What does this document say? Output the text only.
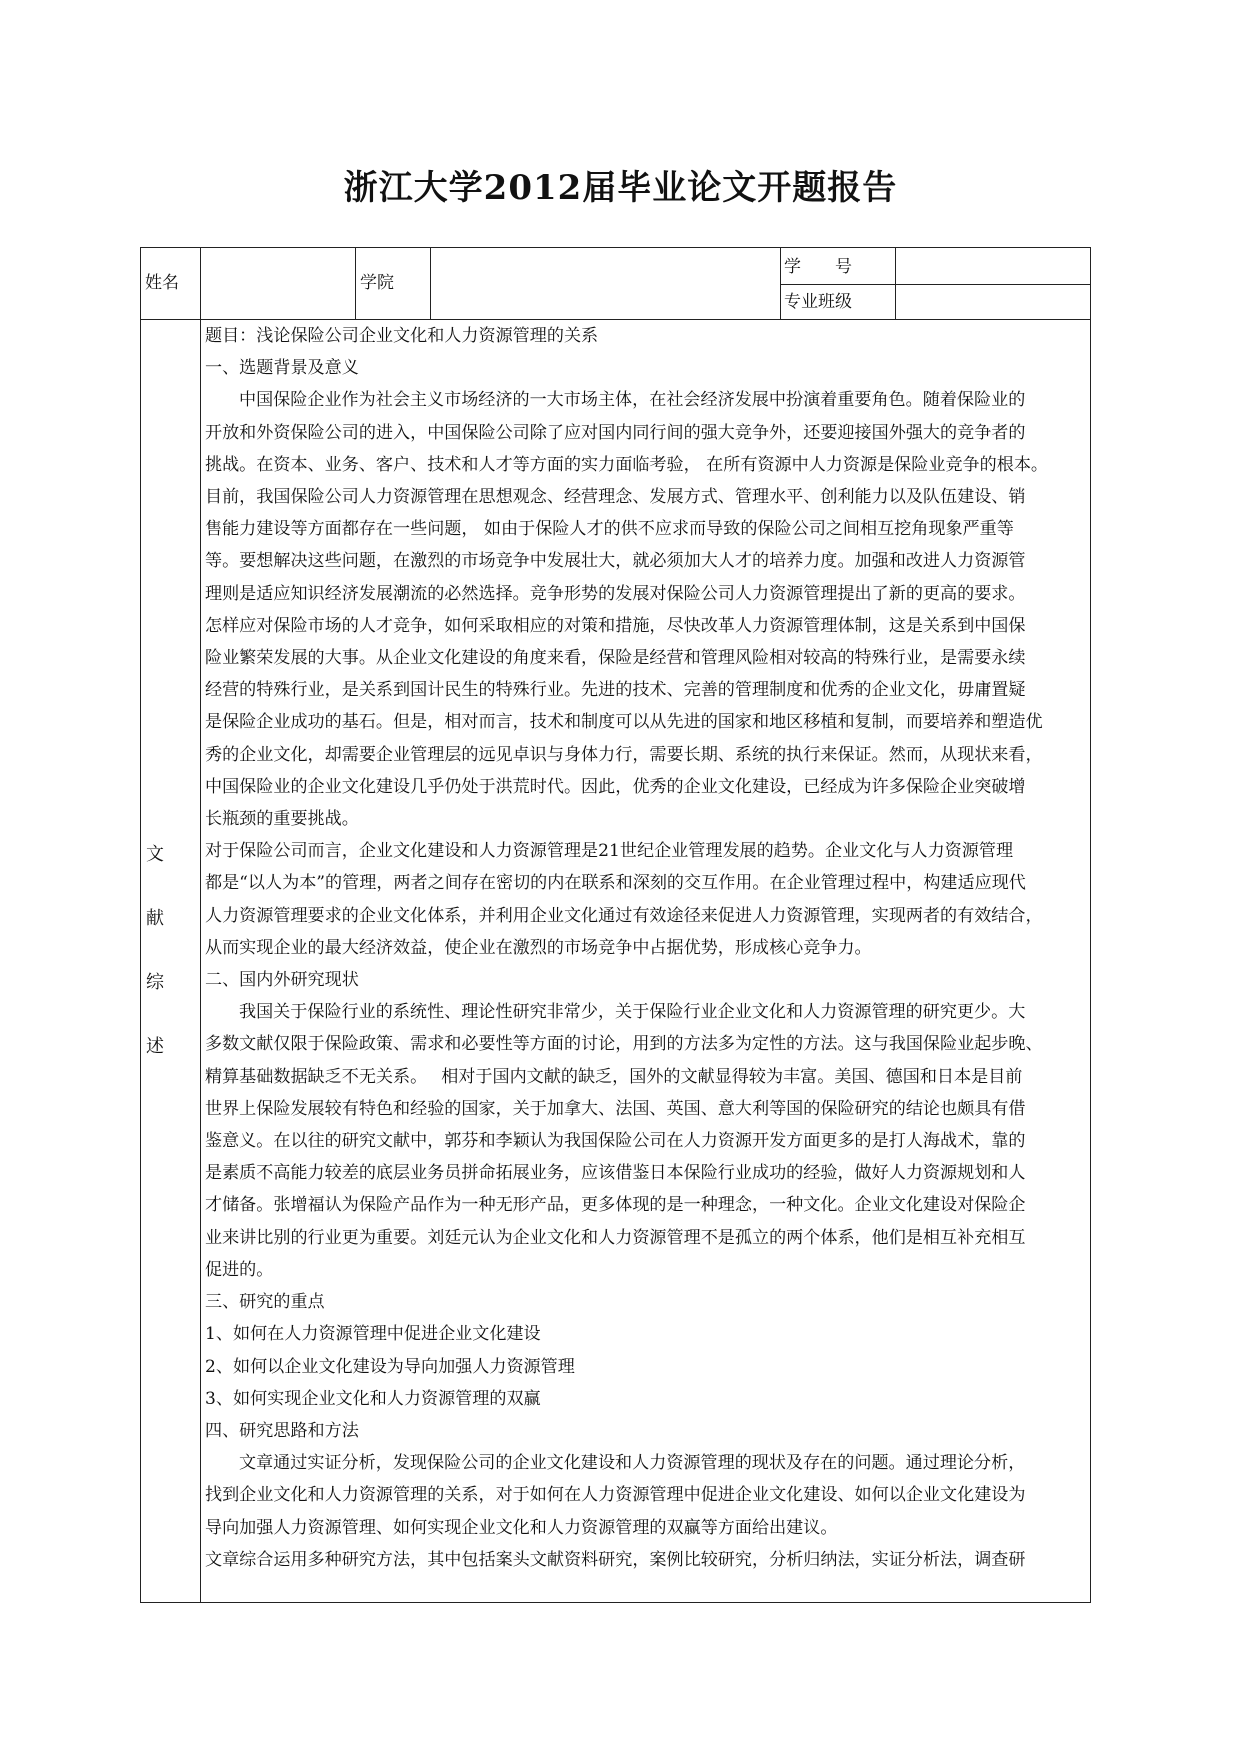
浙江大学2012届毕业论文开题报告
姓名	学院
学　　号
专业班级
文
献
综
述

题目：浅论保险公司企业文化和人力资源管理的关系

一、选题背景及意义

中国保险企业作为社会主义市场经济的一大市场主体，在社会经济发展中扮演着重要角色。随着保险业的

开放和外资保险公司的进入，中国保险公司除了应对国内同行间的强大竞争外，还要迎接国外强大的竞争者的

挑战。在资本、业务、客户、技术和人才等方面的实力面临考验， 在所有资源中人力资源是保险业竞争的根本。

目前，我国保险公司人力资源管理在思想观念、经营理念、发展方式、管理水平、创利能力以及队伍建设、销

售能力建设等方面都存在一些问题， 如由于保险人才的供不应求而导致的保险公司之间相互挖角现象严重等

等。要想解决这些问题，在激烈的市场竞争中发展壮大，就必须加大人才的培养力度。加强和改进人力资源管

理则是适应知识经济发展潮流的必然选择。竞争形势的发展对保险公司人力资源管理提出了新的更高的要求。

怎样应对保险市场的人才竞争，如何采取相应的对策和措施，尽快改革人力资源管理体制，这是关系到中国保

险业繁荣发展的大事。从企业文化建设的角度来看，保险是经营和管理风险相对较高的特殊行业，是需要永续

经营的特殊行业，是关系到国计民生的特殊行业。先进的技术、完善的管理制度和优秀的企业文化，毋庸置疑

是保险企业成功的基石。但是，相对而言，技术和制度可以从先进的国家和地区移植和复制，而要培养和塑造优

秀的企业文化，却需要企业管理层的远见卓识与身体力行，需要长期、系统的执行来保证。然而，从现状来看，

中国保险业的企业文化建设几乎仍处于洪荒时代。因此，优秀的企业文化建设，已经成为许多保险企业突破增

长瓶颈的重要挑战。

对于保险公司而言，企业文化建设和人力资源管理是21世纪企业管理发展的趋势。企业文化与人力资源管理

都是“以人为本”的管理，两者之间存在密切的内在联系和深刻的交互作用。在企业管理过程中，构建适应现代

人力资源管理要求的企业文化体系，并利用企业文化通过有效途径来促进人力资源管理，实现两者的有效结合，

从而实现企业的最大经济效益，使企业在激烈的市场竞争中占据优势，形成核心竞争力。

二、国内外研究现状

我国关于保险行业的系统性、理论性研究非常少，关于保险行业企业文化和人力资源管理的研究更少。大

多数文献仅限于保险政策、需求和必要性等方面的讨论，用到的方法多为定性的方法。这与我国保险业起步晚、

精算基础数据缺乏不无关系。　 相对于国内文献的缺乏，国外的文献显得较为丰富。美国、德国和日本是目前

世界上保险发展较有特色和经验的国家，关于加拿大、法国、英国、意大利等国的保险研究的结论也颇具有借

鉴意义。在以往的研究文献中，郭芬和李颖认为我国保险公司在人力资源开发方面更多的是打人海战术，靠的

是素质不高能力较差的底层业务员拼命拓展业务，应该借鉴日本保险行业成功的经验，做好人力资源规划和人

才储备。张增福认为保险产品作为一种无形产品，更多体现的是一种理念，一种文化。企业文化建设对保险企

业来讲比别的行业更为重要。刘廷元认为企业文化和人力资源管理不是孤立的两个体系，他们是相互补充相互

促进的。

三、研究的重点

1、如何在人力资源管理中促进企业文化建设

2、如何以企业文化建设为导向加强人力资源管理

3、如何实现企业文化和人力资源管理的双赢

四、研究思路和方法

文章通过实证分析，发现保险公司的企业文化建设和人力资源管理的现状及存在的问题。通过理论分析，

找到企业文化和人力资源管理的关系，对于如何在人力资源管理中促进企业文化建设、如何以企业文化建设为

导向加强人力资源管理、如何实现企业文化和人力资源管理的双赢等方面给出建议。

文章综合运用多种研究方法，其中包括案头文献资料研究，案例比较研究，分析归纳法，实证分析法，调查研
